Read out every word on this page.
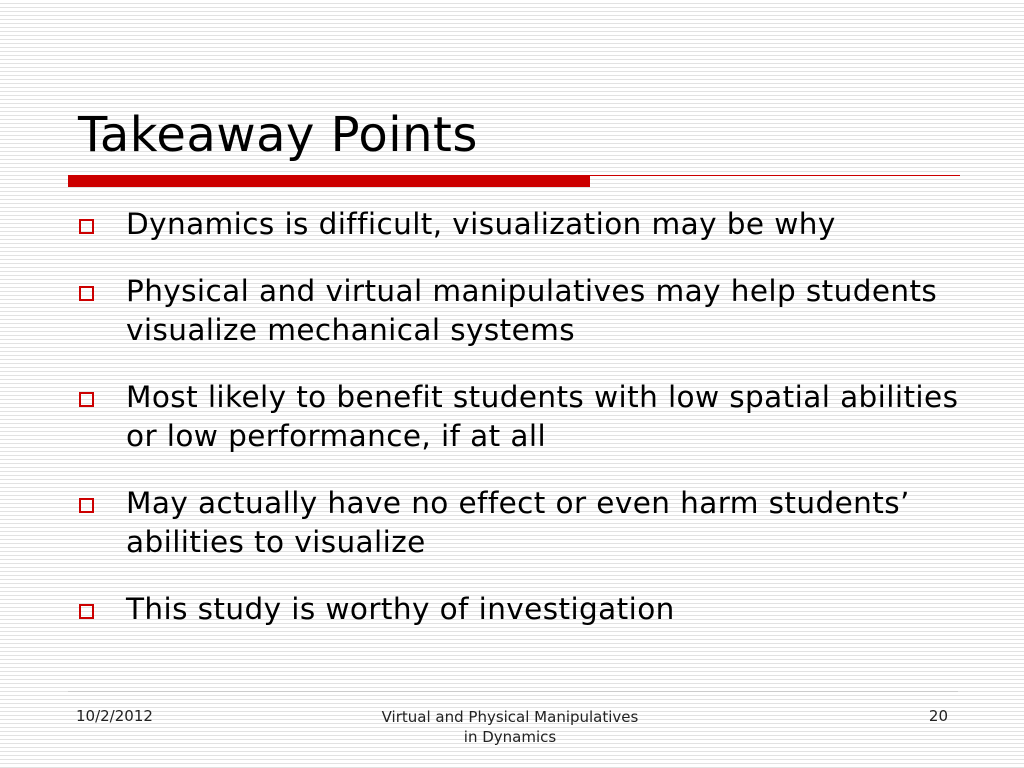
Takeaway Points
Dynamics is difficult, visualization may be why
Physical and virtual manipulatives may help students visualize mechanical systems
Most likely to benefit students with low spatial abilities or low performance, if at all
May actually have no effect or even harm students’ abilities to visualize
This study is worthy of investigation
10/2/2012	Virtual and Physical Manipulatives
in Dynamics
20
